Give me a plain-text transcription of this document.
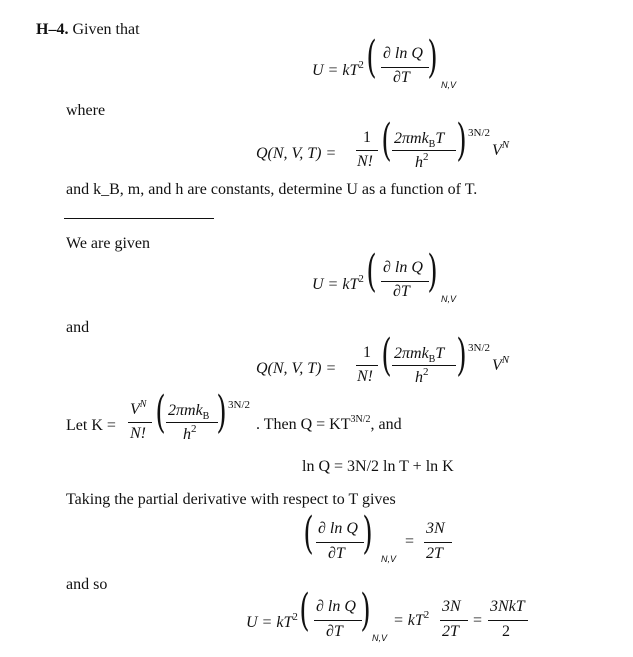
H–4. Given that
$U = kT^2$ ( ∂ ln Q
∂T )
N,V
where
Q(N, V, T) =
1
N! ( 2πmk$_B$T
$h^2$ ) 3N/2
$V^N$
and k_B, m, and h are constants, determine U as a function of T.
We are given
$U = kT^2$ ( ∂ ln Q
∂T )
N,V
and
Q(N, V, T) =
1
N! ( 2πmk$_B$T
$h^2$ ) 3N/2
$V^N$
Let K =
$V^N$
N! ( 2πmk$_B$
$h^2$ ) 3N/2
. Then $Q = KT^{3N/2}$, and
ln Q = 3N/2 ln T + ln K
Taking the partial derivative with respect to T gives
( ∂ ln Q
∂T ) N,V
=
3N
2T
and so
$U = kT^2$ ( ∂ ln Q
∂T )
N,V
= $kT^2$ 3N
2T
=
3NkT
2
